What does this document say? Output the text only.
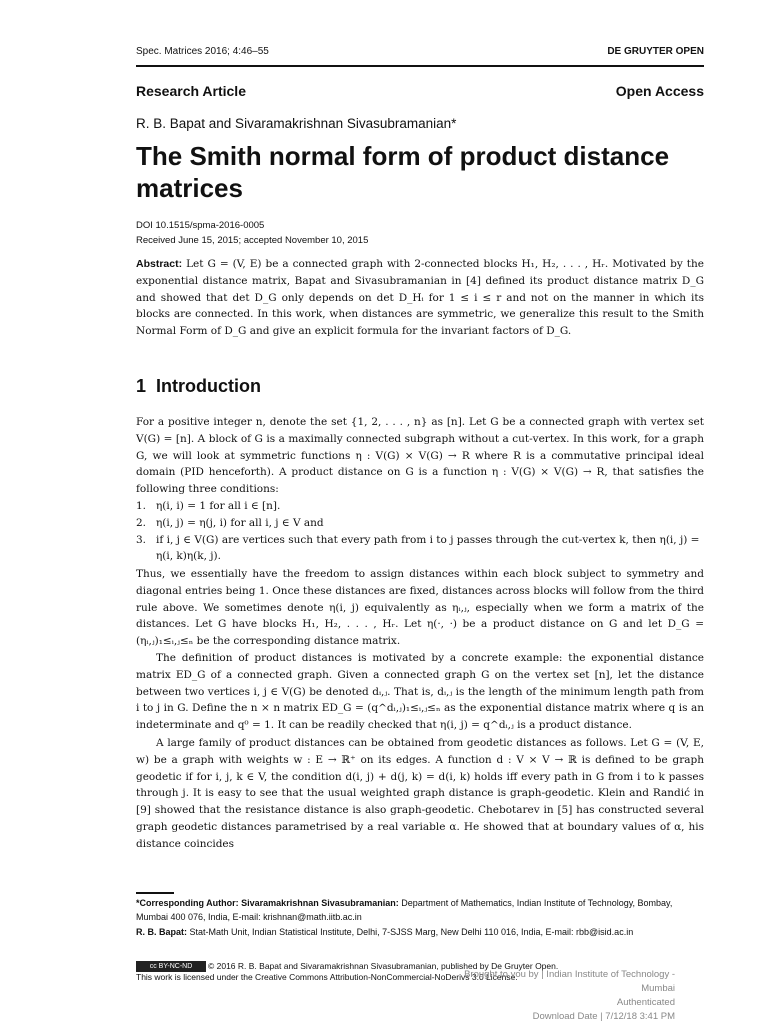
Spec. Matrices 2016; 4:46–55	DE GRUYTER OPEN
Research Article	Open Access
R. B. Bapat and Sivaramakrishnan Sivasubramanian*
The Smith normal form of product distance matrices
DOI 10.1515/spma-2016-0005
Received June 15, 2015; accepted November 10, 2015
Abstract: Let G = (V, E) be a connected graph with 2-connected blocks H₁, H₂, . . . , Hᵣ. Motivated by the exponential distance matrix, Bapat and Sivasubramanian in [4] defined its product distance matrix D_G and showed that det D_G only depends on det D_Hᵢ for 1 ≤ i ≤ r and not on the manner in which its blocks are connected. In this work, when distances are symmetric, we generalize this result to the Smith Normal Form of D_G and give an explicit formula for the invariant factors of D_G.
1 Introduction
For a positive integer n, denote the set {1, 2, . . . , n} as [n]. Let G be a connected graph with vertex set V(G) = [n]. A block of G is a maximally connected subgraph without a cut-vertex. In this work, for a graph G, we will look at symmetric functions η : V(G) × V(G) → R where R is a commutative principal ideal domain (PID henceforth). A product distance on G is a function η : V(G) × V(G) → R, that satisfies the following three conditions:
1. η(i, i) = 1 for all i ∈ [n].
2. η(i, j) = η(j, i) for all i, j ∈ V and
3. if i, j ∈ V(G) are vertices such that every path from i to j passes through the cut-vertex k, then η(i, j) = η(i, k)η(k, j).
Thus, we essentially have the freedom to assign distances within each block subject to symmetry and diagonal entries being 1. Once these distances are fixed, distances across blocks will follow from the third rule above. We sometimes denote η(i, j) equivalently as ηᵢ,ⱼ, especially when we form a matrix of the distances. Let G have blocks H₁, H₂, . . . , Hᵣ. Let η(·, ·) be a product distance on G and let D_G = (ηᵢ,ⱼ)₁≤ᵢ,ⱼ≤ₙ be the corresponding distance matrix.
The definition of product distances is motivated by a concrete example: the exponential distance matrix ED_G of a connected graph. Given a connected graph G on the vertex set [n], let the distance between two vertices i, j ∈ V(G) be denoted dᵢ,ⱼ. That is, dᵢ,ⱼ is the length of the minimum length path from i to j in G. Define the n × n matrix ED_G = (q^dᵢ,ⱼ)₁≤ᵢ,ⱼ≤ₙ as the exponential distance matrix where q is an indeterminate and q⁰ = 1. It can be readily checked that η(i, j) = q^dᵢ,ⱼ is a product distance.
A large family of product distances can be obtained from geodetic distances as follows. Let G = (V, E, w) be a graph with weights w : E → ℝ⁺ on its edges. A function d : V × V → ℝ is defined to be graph geodetic if for i, j, k ∈ V, the condition d(i, j) + d(j, k) = d(i, k) holds iff every path in G from i to k passes through j. It is easy to see that the usual weighted graph distance is graph-geodetic. Klein and Randić in [9] showed that the resistance distance is also graph-geodetic. Chebotarev in [5] has constructed several graph geodetic distances parametrised by a real variable α. He showed that at boundary values of α, his distance coincides
*Corresponding Author: Sivaramakrishnan Sivasubramanian: Department of Mathematics, Indian Institute of Technology, Bombay, Mumbai 400 076, India, E-mail: krishnan@math.iitb.ac.in
R. B. Bapat: Stat-Math Unit, Indian Statistical Institute, Delhi, 7-SJSS Marg, New Delhi 110 016, India, E-mail: rbb@isid.ac.in
cc BY-NC-ND © 2016 R. B. Bapat and Sivaramakrishnan Sivasubramanian, published by De Gruyter Open.
This work is licensed under the Creative Commons Attribution-NonCommercial-NoDerivs 3.0 License.
Brought to you by | Indian Institute of Technology - Mumbai
Authenticated
Download Date | 7/12/18 3:41 PM
